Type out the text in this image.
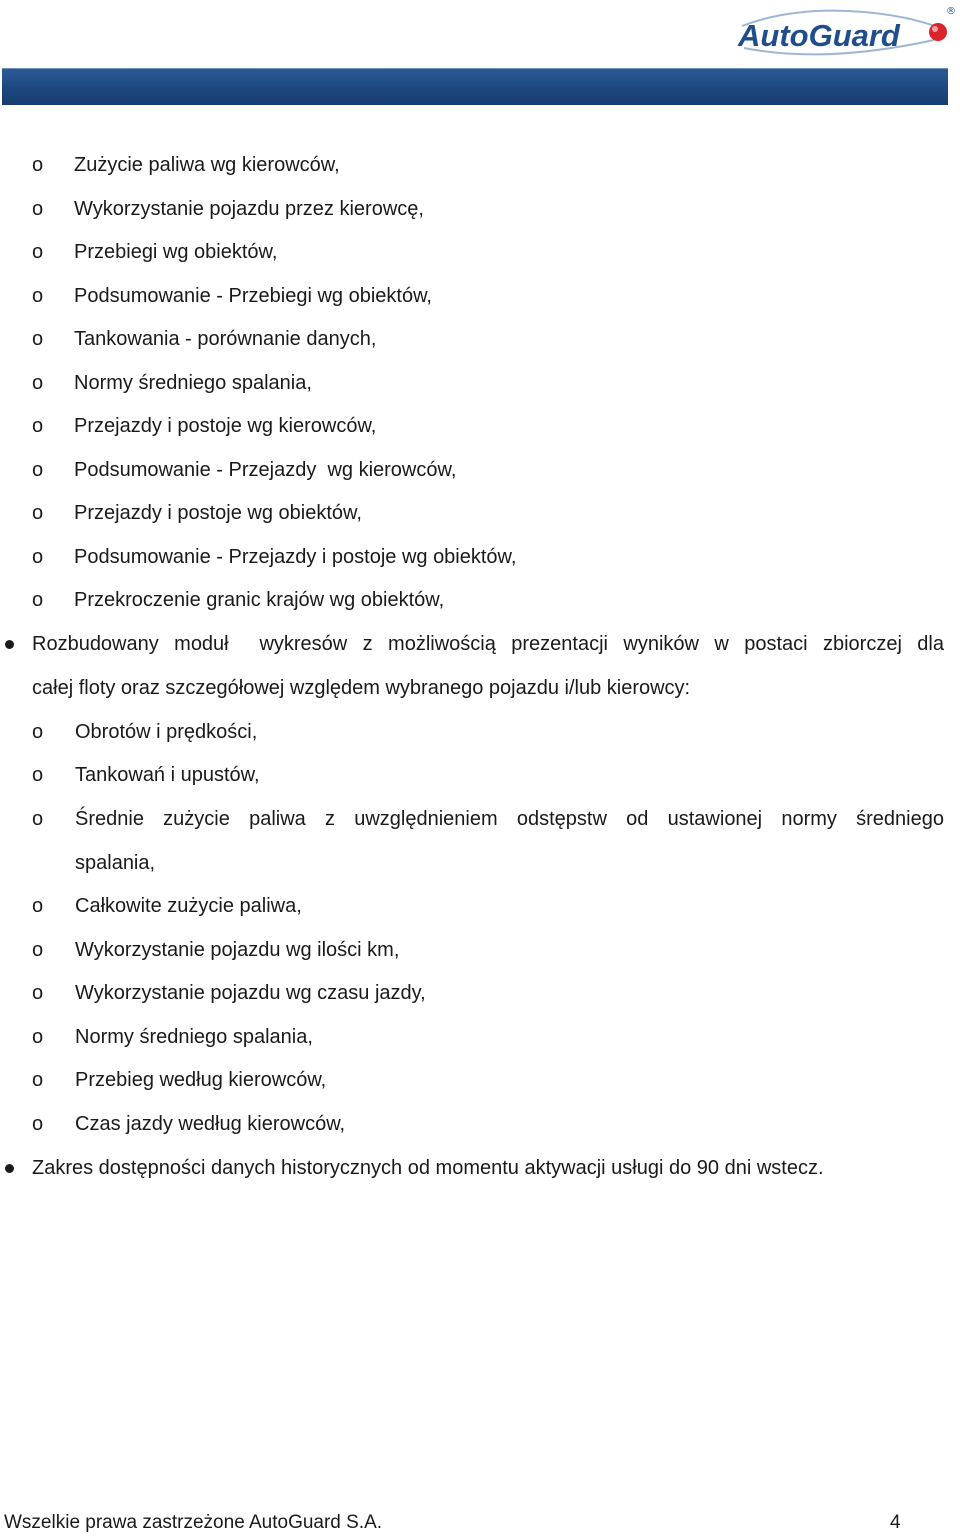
AutoGuard
®
o Zużycie paliwa wg kierowców,
o Wykorzystanie pojazdu przez kierowcę,
o Przebiegi wg obiektów,
o Podsumowanie - Przebiegi wg obiektów,
o Tankowania - porównanie danych,
o Normy średniego spalania,
o Przejazdy i postoje wg kierowców,
o Podsumowanie - Przejazdy  wg kierowców,
o Przejazdy i postoje wg obiektów,
o Podsumowanie - Przejazdy i postoje wg obiektów,
o Przekroczenie granic krajów wg obiektów,
Rozbudowany moduł  wykresów z możliwością prezentacji wyników w postaci zbiorczej dla
całej floty oraz szczegółowej względem wybranego pojazdu i/lub kierowcy:
o Obrotów i prędkości,
o Tankowań i upustów,
o Średnie zużycie paliwa z uwzględnieniem odstępstw od ustawionej normy średniego
spalania,
o Całkowite zużycie paliwa,
o Wykorzystanie pojazdu wg ilości km,
o Wykorzystanie pojazdu wg czasu jazdy,
o Normy średniego spalania,
o Przebieg według kierowców,
o Czas jazdy według kierowców,
Zakres dostępności danych historycznych od momentu aktywacji usługi do 90 dni wstecz.
Wszelkie prawa zastrzeżone AutoGuard S.A.	4
